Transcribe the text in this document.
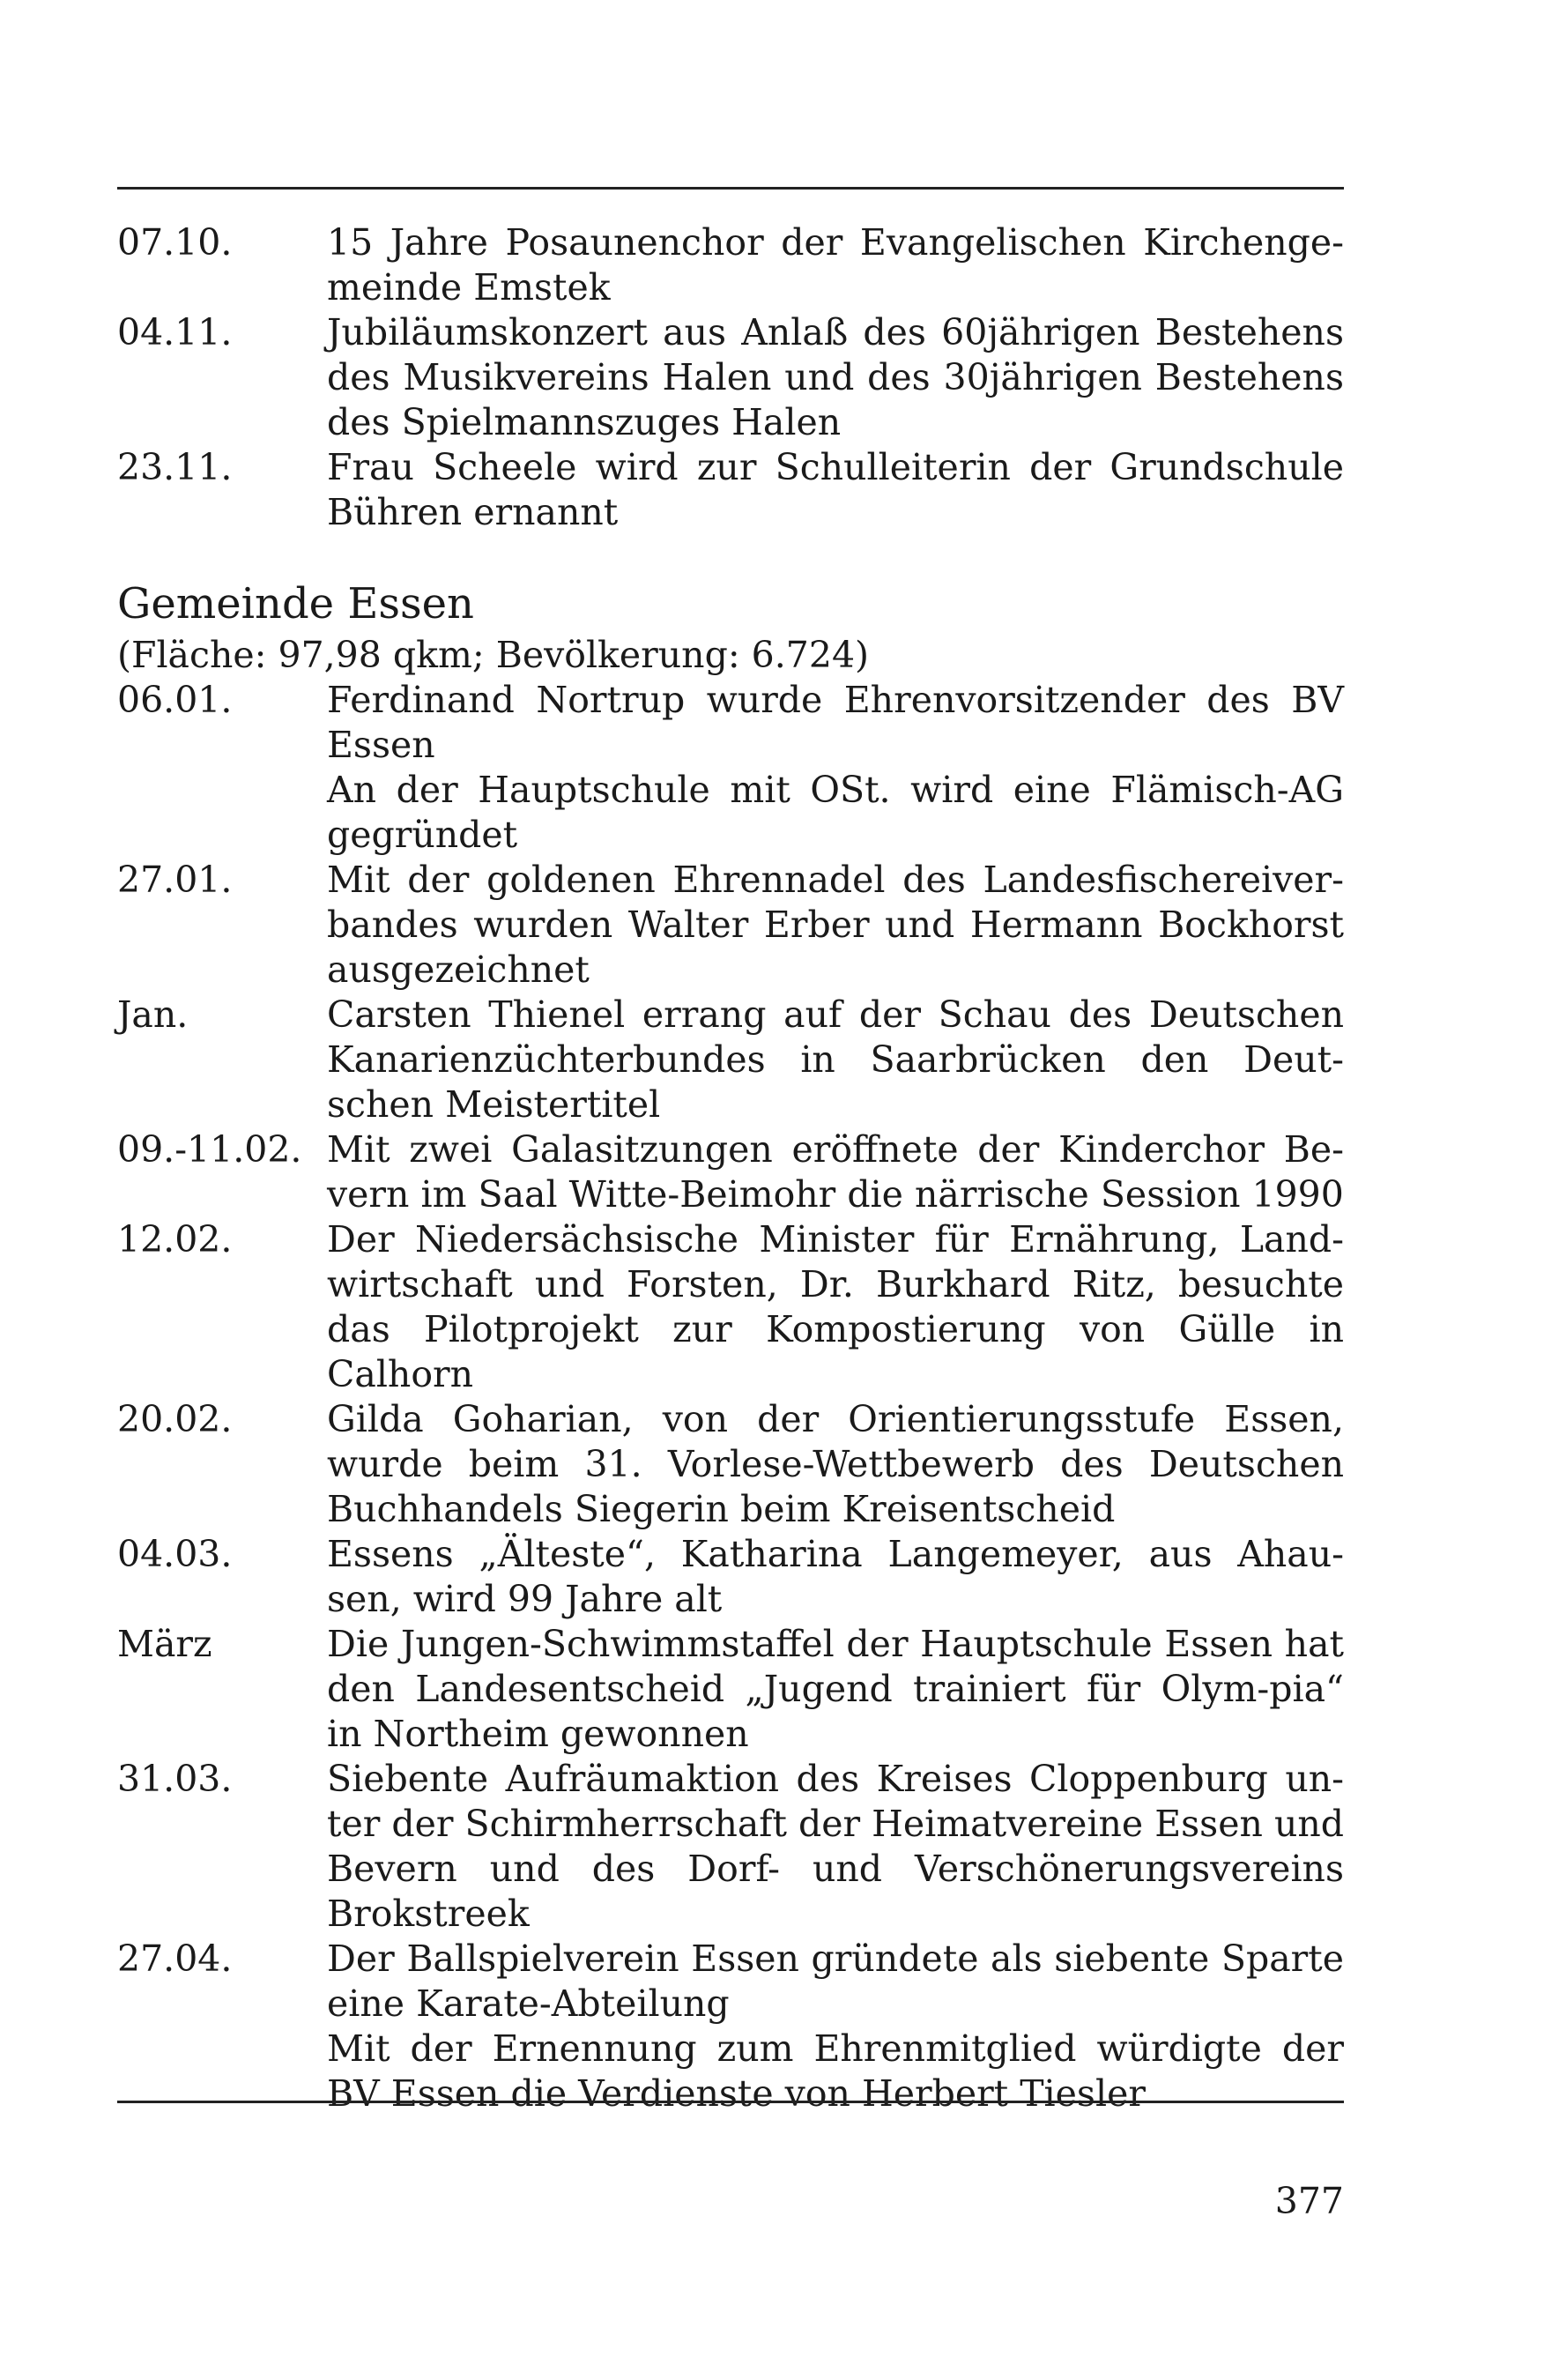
07.10.	15 Jahre Posaunenchor der Evangelischen Kirchenge-meinde Emstek
04.11.	Jubiläumskonzert aus Anlaß des 60jährigen Bestehens des Musikvereins Halen und des 30jährigen Bestehens des Spielmannszuges Halen
23.11.	Frau Scheele wird zur Schulleiterin der Grundschule Bühren ernannt
Gemeinde Essen
(Fläche: 97,98 qkm; Bevölkerung: 6.724)
06.01.	Ferdinand Nortrup wurde Ehrenvorsitzender des BV Essen
An der Hauptschule mit OSt. wird eine Flämisch-AG gegründet
27.01.	Mit der goldenen Ehrennadel des Landesfischereiver-bandes wurden Walter Erber und Hermann Bockhorst ausgezeichnet
Jan.	Carsten Thienel errang auf der Schau des Deutschen Kanarienzüchterbundes in Saarbrücken den Deut-schen Meistertitel
09.-11.02. Mit zwei Galasitzungen eröffnete der Kinderchor Be-vern im Saal Witte-Beimohr die närrische Session 1990
12.02.	Der Niedersächsische Minister für Ernährung, Land-wirtschaft und Forsten, Dr. Burkhard Ritz, besuchte das Pilotprojekt zur Kompostierung von Gülle in Calhorn
20.02.	Gilda Goharian, von der Orientierungsstufe Essen, wurde beim 31. Vorlese-Wettbewerb des Deutschen Buchhandels Siegerin beim Kreisentscheid
04.03.	Essens „Älteste“, Katharina Langemeyer, aus Ahau-sen, wird 99 Jahre alt
März	Die Jungen-Schwimmstaffel der Hauptschule Essen hat den Landesentscheid „Jugend trainiert für Olym-pia“ in Northeim gewonnen
31.03.	Siebente Aufräumaktion des Kreises Cloppenburg un-ter der Schirmherrschaft der Heimatvereine Essen und Bevern und des Dorf- und Verschönerungsvereins Brokstreek
27.04.	Der Ballspielverein Essen gründete als siebente Sparte eine Karate-Abteilung
Mit der Ernennung zum Ehrenmitglied würdigte der BV Essen die Verdienste von Herbert Tiesler
377
